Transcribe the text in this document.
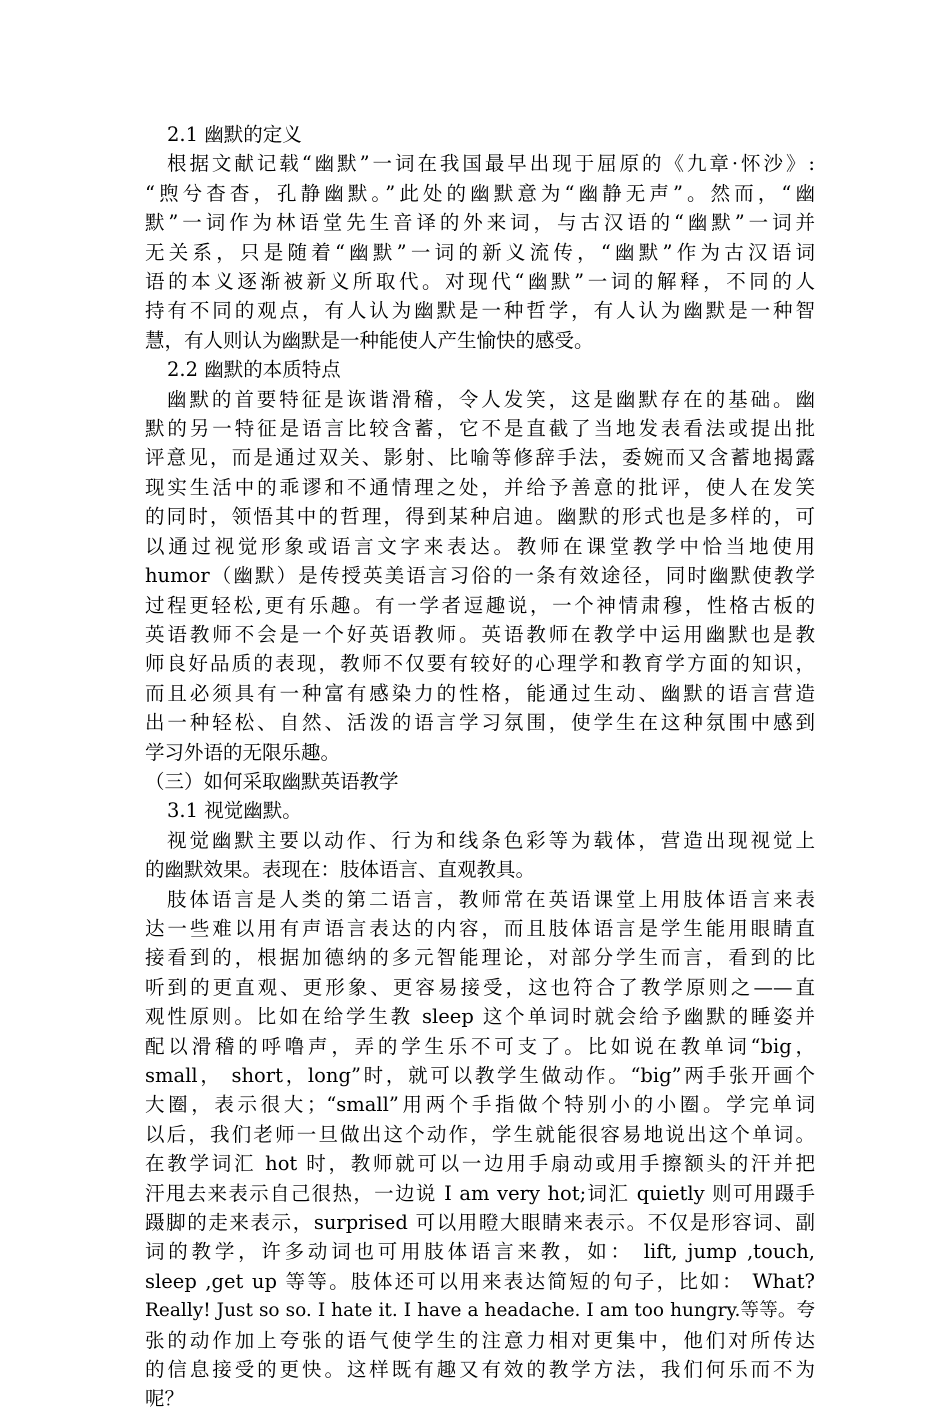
2.1 幽默的定义
根据文献记载“幽默”一词在我国最早出现于屈原的《九章·怀沙》:
“煦兮杳杳，孔静幽默。”此处的幽默意为“幽静无声”。然而，“幽
默”一词作为林语堂先生音译的外来词，与古汉语的“幽默”一词并
无关系，只是随着“幽默”一词的新义流传，“幽默”作为古汉语词
语的本义逐渐被新义所取代。对现代“幽默”一词的解释，不同的人
持有不同的观点，有人认为幽默是一种哲学，有人认为幽默是一种智
慧，有人则认为幽默是一种能使人产生愉快的感受。
2.2 幽默的本质特点
幽默的首要特征是诙谐滑稽，令人发笑，这是幽默存在的基础。幽
默的另一特征是语言比较含蓄，它不是直截了当地发表看法或提出批
评意见，而是通过双关、影射、比喻等修辞手法，委婉而又含蓄地揭露
现实生活中的乖谬和不通情理之处，并给予善意的批评，使人在发笑
的同时，领悟其中的哲理，得到某种启迪。幽默的形式也是多样的，可
以通过视觉形象或语言文字来表达。教师在课堂教学中恰当地使用
humor（幽默）是传授英美语言习俗的一条有效途径，同时幽默使教学
过程更轻松,更有乐趣。有一学者逗趣说，一个神情肃穆，性格古板的
英语教师不会是一个好英语教师。英语教师在教学中运用幽默也是教
师良好品质的表现，教师不仅要有较好的心理学和教育学方面的知识，
而且必须具有一种富有感染力的性格，能通过生动、幽默的语言营造
出一种轻松、自然、活泼的语言学习氛围，使学生在这种氛围中感到
学习外语的无限乐趣。
（三）如何采取幽默英语教学
3.1 视觉幽默。
视觉幽默主要以动作、行为和线条色彩等为载体，营造出现视觉上
的幽默效果。表现在：肢体语言、直观教具。
肢体语言是人类的第二语言，教师常在英语课堂上用肢体语言来表
达一些难以用有声语言表达的内容，而且肢体语言是学生能用眼睛直
接看到的，根据加德纳的多元智能理论，对部分学生而言，看到的比
听到的更直观、更形象、更容易接受，这也符合了教学原则之——直
观性原则。比如在给学生教 sleep 这个单词时就会给予幽默的睡姿并
配以滑稽的呼噜声，弄的学生乐不可支了。比如说在教单词“big，
small， short，long”时，就可以教学生做动作。“big”两手张开画个
大圈，表示很大；“small”用两个手指做个特别小的小圈。学完单词
以后，我们老师一旦做出这个动作，学生就能很容易地说出这个单词。
在教学词汇 hot 时，教师就可以一边用手扇动或用手擦额头的汗并把
汗甩去来表示自己很热，一边说 I am very hot;词汇 quietly 则可用蹑手
蹑脚的走来表示，surprised 可以用瞪大眼睛来表示。不仅是形容词、副
词的教学，许多动词也可用肢体语言来教，如： lift, jump ,touch,
sleep ,get up 等等。肢体还可以用来表达简短的句子，比如： What?
Really! Just so so. I hate it. I have a headache. I am too hungry.等等。夸
张的动作加上夸张的语气使学生的注意力相对更集中，他们对所传达
的信息接受的更快。这样既有趣又有效的教学方法，我们何乐而不为
呢？
